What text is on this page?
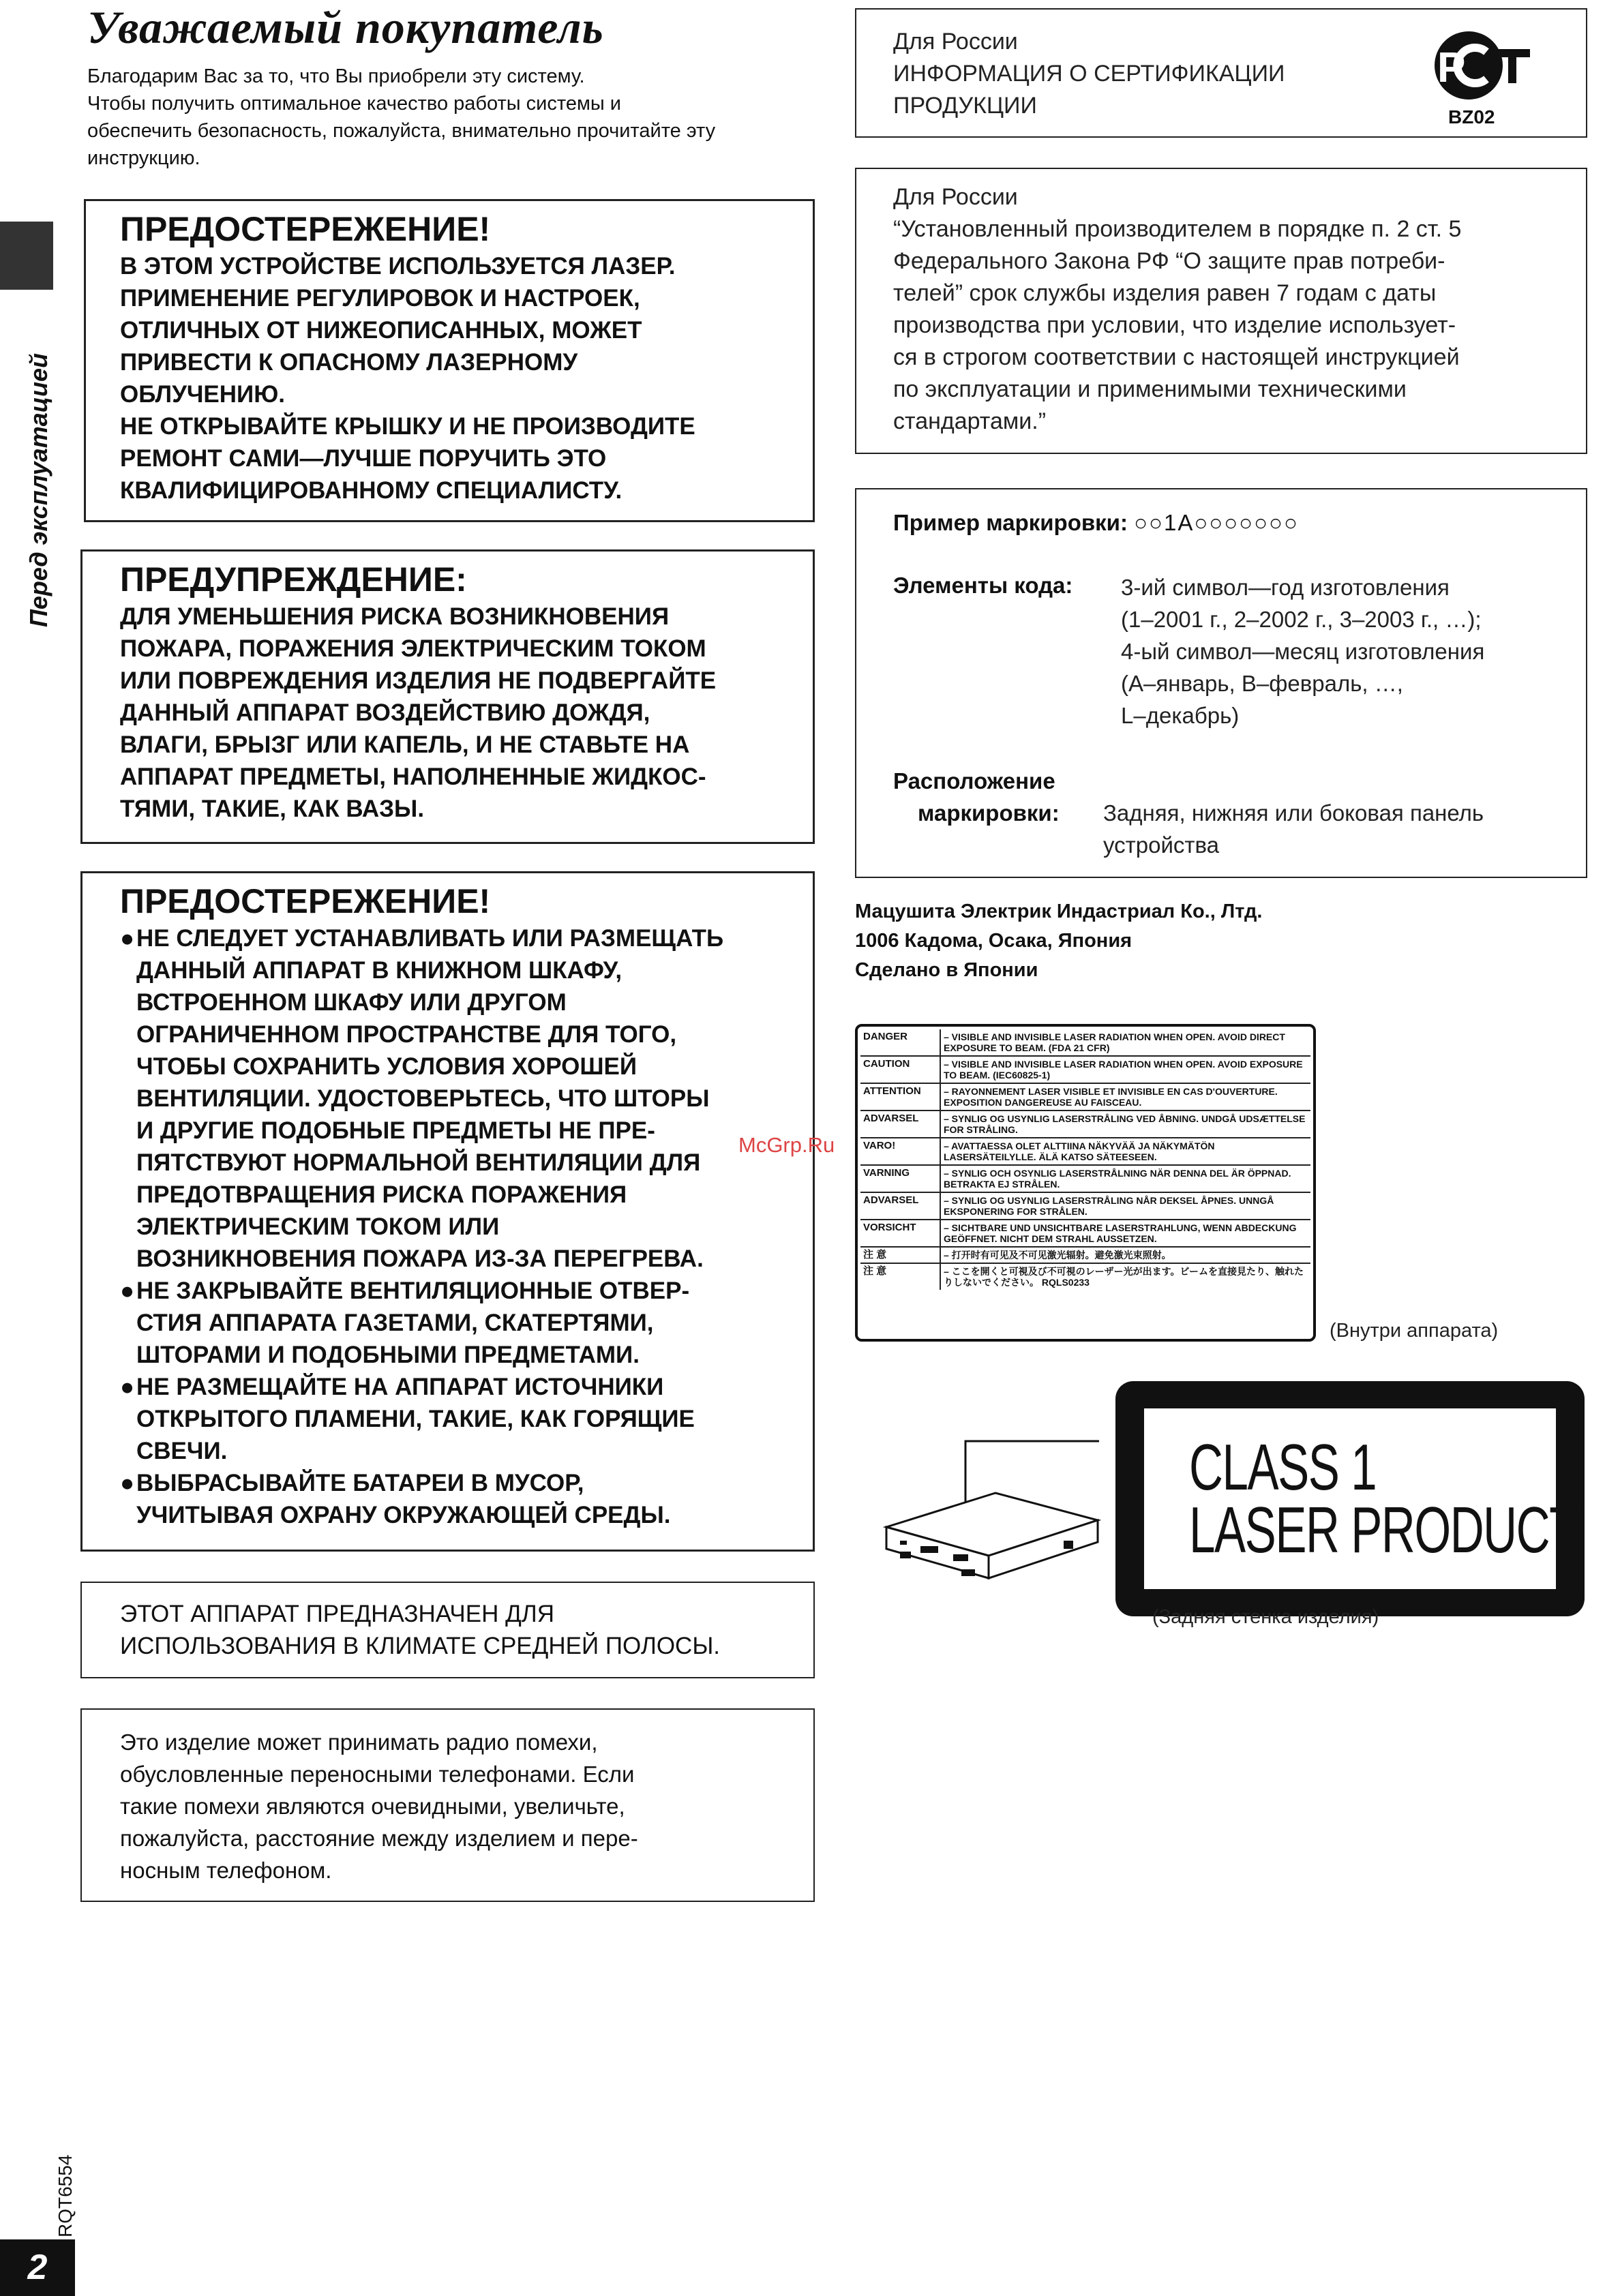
Перед эксплуатацией
Уважаемый покупатель
Благодарим Вас за то, что Вы приобрели эту систему.
Чтобы получить оптимальное качество работы системы и
обеспечить безопасность, пожалуйста, внимательно прочитайте эту
инструкцию.
ПРЕДОСТЕРЕЖЕНИЕ!
В ЭТОМ УСТРОЙСТВЕ ИСПОЛЬЗУЕТСЯ ЛАЗЕР.
ПРИМЕНЕНИЕ РЕГУЛИРОВОК И НАСТРОЕК,
ОТЛИЧНЫХ ОТ НИЖЕОПИСАННЫХ, МОЖЕТ
ПРИВЕСТИ К ОПАСНОМУ ЛАЗЕРНОМУ
ОБЛУЧЕНИЮ.
НЕ ОТКРЫВАЙТЕ КРЫШКУ И НЕ ПРОИЗВОДИТЕ
РЕМОНТ САМИ—ЛУЧШЕ ПОРУЧИТЬ ЭТО
КВАЛИФИЦИРОВАННОМУ СПЕЦИАЛИСТУ.
ПРЕДУПРЕЖДЕНИЕ:
ДЛЯ УМЕНЬШЕНИЯ РИСКА ВОЗНИКНОВЕНИЯ
ПОЖАРА, ПОРАЖЕНИЯ ЭЛЕКТРИЧЕСКИМ ТОКОМ
ИЛИ ПОВРЕЖДЕНИЯ ИЗДЕЛИЯ НЕ ПОДВЕРГАЙТЕ
ДАННЫЙ АППАРАТ ВОЗДЕЙСТВИЮ ДОЖДЯ,
ВЛАГИ, БРЫЗГ ИЛИ КАПЕЛЬ, И НЕ СТАВЬТЕ НА
АППАРАТ ПРЕДМЕТЫ, НАПОЛНЕННЫЕ ЖИДКОС-
ТЯМИ, ТАКИЕ, КАК ВАЗЫ.
ПРЕДОСТЕРЕЖЕНИЕ!
● НЕ СЛЕДУЕТ УСТАНАВЛИВАТЬ ИЛИ РАЗМЕЩАТЬ
ДАННЫЙ АППАРАТ В КНИЖНОМ ШКАФУ,
ВСТРОЕННОМ ШКАФУ ИЛИ ДРУГОМ
ОГРАНИЧЕННОМ ПРОСТРАНСТВЕ ДЛЯ ТОГО,
ЧТОБЫ СОХРАНИТЬ УСЛОВИЯ ХОРОШЕЙ
ВЕНТИЛЯЦИИ. УДОСТОВЕРЬТЕСЬ, ЧТО ШТОРЫ
И ДРУГИЕ ПОДОБНЫЕ ПРЕДМЕТЫ НЕ ПРЕ-
ПЯТСТВУЮТ НОРМАЛЬНОЙ ВЕНТИЛЯЦИИ ДЛЯ
ПРЕДОТВРАЩЕНИЯ РИСКА ПОРАЖЕНИЯ
ЭЛЕКТРИЧЕСКИМ ТОКОМ ИЛИ
ВОЗНИКНОВЕНИЯ ПОЖАРА ИЗ-ЗА ПЕРЕГРЕВА.
● НЕ ЗАКРЫВАЙТЕ ВЕНТИЛЯЦИОННЫЕ ОТВЕР-
СТИЯ АППАРАТА ГАЗЕТАМИ, СКАТЕРТЯМИ,
ШТОРАМИ И ПОДОБНЫМИ ПРЕДМЕТАМИ.
● НЕ РАЗМЕЩАЙТЕ НА АППАРАТ ИСТОЧНИКИ
ОТКРЫТОГО ПЛАМЕНИ, ТАКИЕ, КАК ГОРЯЩИЕ
СВЕЧИ.
● ВЫБРАСЫВАЙТЕ БАТАРЕИ В МУСОР,
УЧИТЫВАЯ ОХРАНУ ОКРУЖАЮЩЕЙ СРЕДЫ.
ЭТОТ АППАРАТ ПРЕДНАЗНАЧЕН ДЛЯ
ИСПОЛЬЗОВАНИЯ В КЛИМАТЕ СРЕДНЕЙ ПОЛОСЫ.
Это изделие может принимать радио помехи,
обусловленные переносными телефонами. Если
такие помехи являются очевидными, увеличьте,
пожалуйста, расстояние между изделием и пере-
носным телефоном.
Для России
ИНФОРМАЦИЯ О СЕРТИФИКАЦИИ
ПРОДУКЦИИ
P
BZ02
Для России
“Установленный производителем в порядке п. 2 ст. 5
Федерального Закона РФ “О защите прав потреби-
телей” срок службы изделия равен 7 годам с даты
производства при условии, что изделие использует-
ся в строгом соответствии с настоящей инструкцией
по эксплуатации и применимыми техническими
стандартами.”
Пример маркировки: ○○1A○○○○○○○
Элементы кода: 3-ий символ—год изготовления
(1–2001 г., 2–2002 г., 3–2003 г., …);
4-ый символ—месяц изготовления
(A–январь, B–февраль, …,
L–декабрь)
Расположение
маркировки: Задняя, нижняя или боковая панель
устройства
Мацушита Электрик Индастриал Ко., Лтд.
1006 Кадома, Осака, Япония
Сделано в Японии
McGrp.Ru
DANGER	– VISIBLE AND INVISIBLE LASER RADIATION WHEN OPEN. AVOID DIRECT EXPOSURE TO BEAM. (FDA 21 CFR)
CAUTION	– VISIBLE AND INVISIBLE LASER RADIATION WHEN OPEN. AVOID EXPOSURE TO BEAM. (IEC60825-1)
ATTENTION	– RAYONNEMENT LASER VISIBLE ET INVISIBLE EN CAS D'OUVERTURE. EXPOSITION DANGEREUSE AU FAISCEAU.
ADVARSEL	– SYNLIG OG USYNLIG LASERSTRÅLING VED ÅBNING. UNDGÅ UDSÆTTELSE FOR STRÅLING.
VARO!	– AVATTAESSA OLET ALTTIINA NÄKYVÄÄ JA NÄKYMÄTÖN LASERSÄTEILYLLE. ÄLÄ KATSO SÄTEESEEN.
VARNING	– SYNLIG OCH OSYNLIG LASERSTRÅLNING NÄR DENNA DEL ÄR ÖPPNAD. BETRAKTA EJ STRÅLEN.
ADVARSEL	– SYNLIG OG USYNLIG LASERSTRÅLING NÅR DEKSEL ÅPNES. UNNGÅ EKSPONERING FOR STRÅLEN.
VORSICHT	– SICHTBARE UND UNSICHTBARE LASERSTRAHLUNG, WENN ABDECKUNG GEÖFFNET. NICHT DEM STRAHL AUSSETZEN.
注 意	– 打开时有可见及不可见激光辐射。避免激光束照射。
注 意	– ここを開くと可視及び不可視のレーザー光が出ます。ビームを直接見たり、触れたりしないでください。 RQLS0233
(Внутри аппарата)
CLASS 1
LASER PRODUCT
(Задняя стенка изделия)
RQT6554
2
